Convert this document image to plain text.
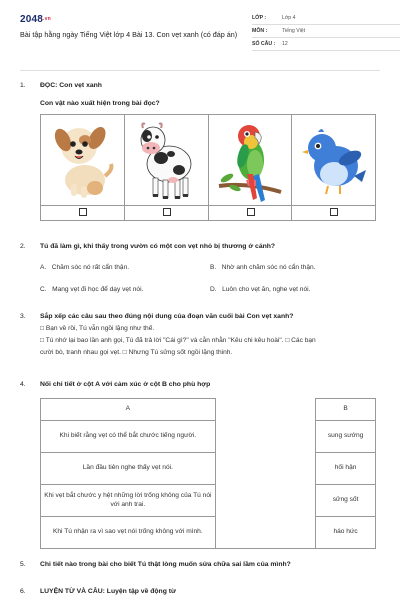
2048.vn
Bài tập hằng ngày Tiếng Việt lớp 4 Bài 13. Con vẹt xanh (có đáp án)
LỚP :	Lớp 4
MÔN :	Tiếng Việt
SỐ CÂU :	12
1. ĐỌC: Con vẹt xanh
Con vật nào xuất hiện trong bài đọc?
2. Tú đã làm gì, khi thấy trong vườn có một con vẹt nhỏ bị thương ở cánh?
A. Chăm sóc nó rất cẩn thận.	B. Nhờ anh chăm sóc nó cẩn thận.
C. Mang vẹt đi học để dạy vẹt nói.	D. Luôn cho vẹt ăn, nghe vẹt nói.
3. Sắp xếp các câu sau theo đúng nội dung của đoạn văn cuối bài Con vẹt xanh?
□ Bạn về rồi, Tú vẫn ngồi lặng như thế.
□ Tú nhớ lại bao lần anh gọi, Tú đã trả lời "Cái gì?" và cằn nhằn "Kêu chi kêu hoài". □ Các bạn
cười bò, tranh nhau gọi vẹt. □ Nhưng Tú sửng sốt ngồi lặng thinh.
4. Nối chi tiết ở cột A với cảm xúc ở cột B cho phù hợp
A		B
Khi biết rằng vẹt có thể bắt chước tiếng người.		sung sướng
Lần đầu tiên nghe thấy vẹt nói.		hối hận
Khi vẹt bắt chước y hệt những lời trống không của Tú nói với anh trai.		sửng sốt
Khi Tú nhận ra vì sao vẹt nói trống không với mình.		háo hức
5. Chi tiết nào trong bài cho biết Tú thật lòng muốn sửa chữa sai lầm của mình?
6. LUYỆN TỪ VÀ CÂU: Luyện tập về động từ
